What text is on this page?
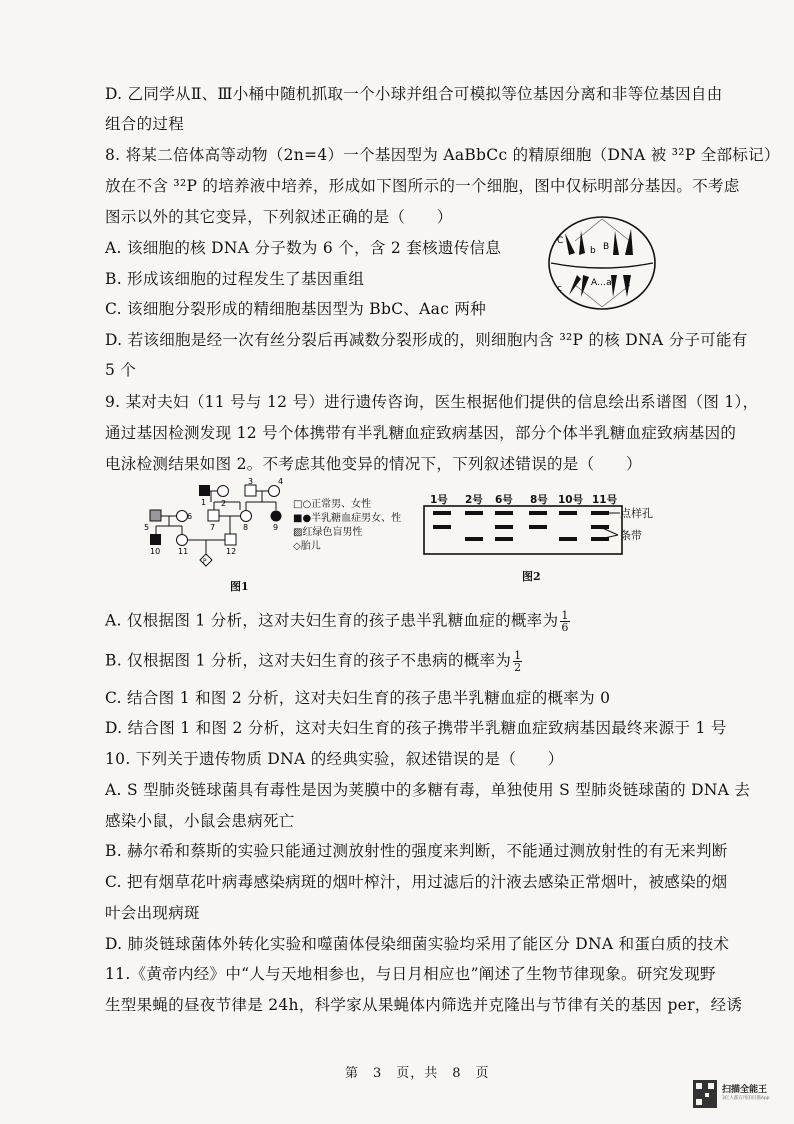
D. 乙同学从Ⅱ、Ⅲ小桶中随机抓取一个小球并组合可模拟等位基因分离和非等位基因自由
组合的过程
8. 将某二倍体高等动物（2n=4）一个基因型为 AaBbCc 的精原细胞（DNA 被 ³²P 全部标记）
放在不含 ³²P 的培养液中培养，形成如下图所示的一个细胞，图中仅标明部分基因。不考虑
图示以外的其它变异，下列叙述正确的是（　　）
A. 该细胞的核 DNA 分子数为 6 个，含 2 套核遗传信息
B. 形成该细胞的过程发生了基因重组
C. 该细胞分裂形成的精细胞基因型为 BbC、Aac 两种
D. 若该细胞是经一次有丝分裂后再减数分裂形成的，则细胞内含 ³²P 的核 DNA 分子可能有
5 个
C
b B
c
A…a
9. 某对夫妇（11 号与 12 号）进行遗传咨询，医生根据他们提供的信息绘出系谱图（图 1），
通过基因检测发现 12 号个体携带有半乳糖血症致病基因，部分个体半乳糖血症致病基因的
电泳检测结果如图 2。不考虑其他变异的情况下，下列叙述错误的是（　　）
P
1 2
3	4
5
6
7	8	9
10 11	12
图1
□○正常男、女性
■●半乳糖血症男女、性
▨红绿色盲男性
◇胎儿
1号 2号 6号 8号 10号 11号
点样孔
条带
图2
A. 仅根据图 1 分析，这对夫妇生育的孩子患半乳糖血症的概率为 $\frac{1}{6}$
B. 仅根据图 1 分析，这对夫妇生育的孩子不患病的概率为 $\frac{1}{2}$
C. 结合图 1 和图 2 分析，这对夫妇生育的孩子患半乳糖血症的概率为 0
D. 结合图 1 和图 2 分析，这对夫妇生育的孩子携带半乳糖血症致病基因最终来源于 1 号
10. 下列关于遗传物质 DNA 的经典实验，叙述错误的是（　　）
A. S 型肺炎链球菌具有毒性是因为荚膜中的多糖有毒，单独使用 S 型肺炎链球菌的 DNA 去
感染小鼠，小鼠会患病死亡
B. 赫尔希和蔡斯的实验只能通过测放射性的强度来判断，不能通过测放射性的有无来判断
C. 把有烟草花叶病毒感染病斑的烟叶榨汁，用过滤后的汁液去感染正常烟叶，被感染的烟
叶会出现病斑
D. 肺炎链球菌体外转化实验和噬菌体侵染细菌实验均采用了能区分 DNA 和蛋白质的技术
11.《黄帝内经》中“人与天地相参也，与日月相应也”阐述了生物节律现象。研究发现野
生型果蝇的昼夜节律是 24h，科学家从果蝇体内筛选并克隆出与节律有关的基因 per，经诱
第　3　页，共　8　页
扫描全能王
3亿人都在用的扫描App
